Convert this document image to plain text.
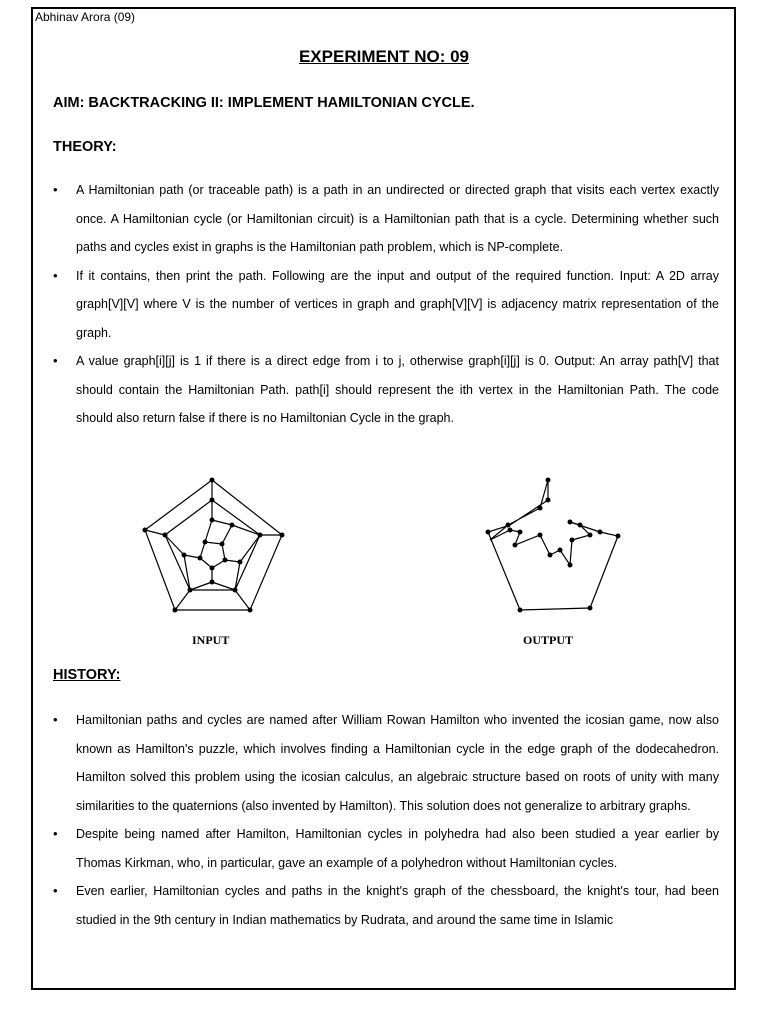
Abhinav Arora (09)
EXPERIMENT NO: 09
AIM: BACKTRACKING II: IMPLEMENT HAMILTONIAN CYCLE.
THEORY:
• A Hamiltonian path (or traceable path) is a path in an undirected or directed graph that visits each vertex exactly once. A Hamiltonian cycle (or Hamiltonian circuit) is a Hamiltonian path that is a cycle. Determining whether such paths and cycles exist in graphs is the Hamiltonian path problem, which is NP-complete.
• If it contains, then print the path. Following are the input and output of the required function. Input: A 2D array graph[V][V] where V is the number of vertices in graph and graph[V][V] is adjacency matrix representation of the graph.
• A value graph[i][j] is 1 if there is a direct edge from i to j, otherwise graph[i][j] is 0. Output: An array path[V] that should contain the Hamiltonian Path. path[i] should represent the ith vertex in the Hamiltonian Path. The code should also return false if there is no Hamiltonian Cycle in the graph.
INPUT	OUTPUT
HISTORY:
• Hamiltonian paths and cycles are named after William Rowan Hamilton who invented the icosian game, now also known as Hamilton's puzzle, which involves finding a Hamiltonian cycle in the edge graph of the dodecahedron. Hamilton solved this problem using the icosian calculus, an algebraic structure based on roots of unity with many similarities to the quaternions (also invented by Hamilton). This solution does not generalize to arbitrary graphs.
• Despite being named after Hamilton, Hamiltonian cycles in polyhedra had also been studied a year earlier by Thomas Kirkman, who, in particular, gave an example of a polyhedron without Hamiltonian cycles.
• Even earlier, Hamiltonian cycles and paths in the knight's graph of the chessboard, the knight's tour, had been studied in the 9th century in Indian mathematics by Rudrata, and around the same time in Islamic
